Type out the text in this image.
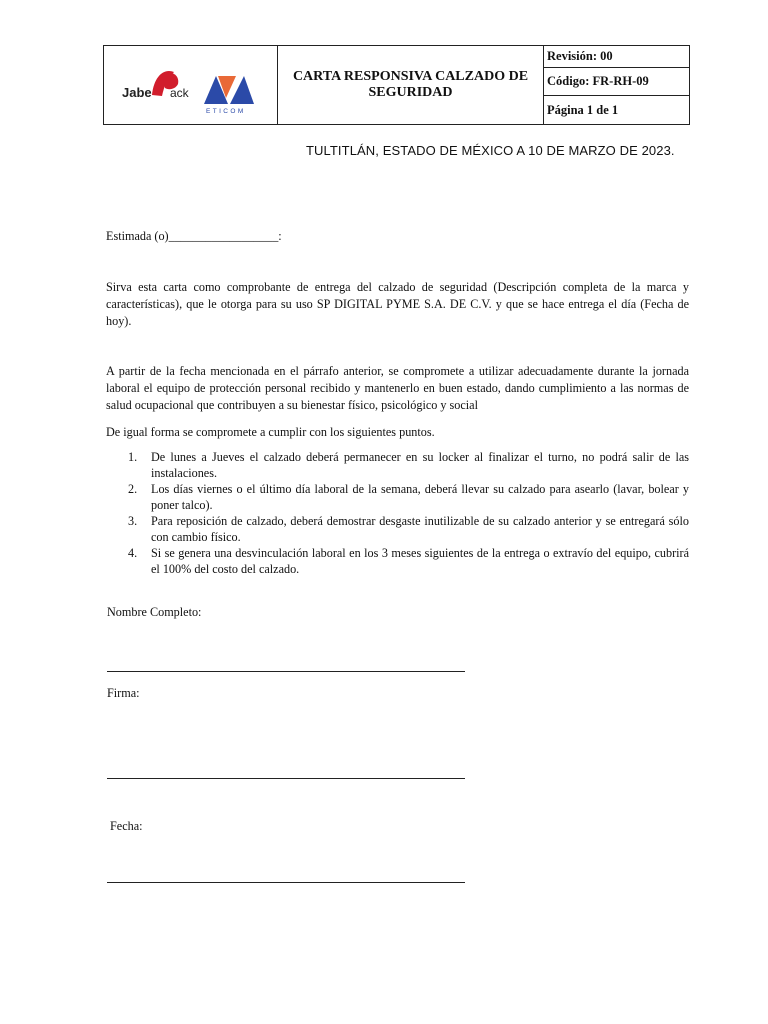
Jabe ack
ETICOM
CARTA RESPONSIVA CALZADO DE SEGURIDAD
Revisión: 00
Código: FR-RH-09
Página 1 de 1
TULTITLÁN, ESTADO DE MÉXICO A 10 DE MARZO DE 2023.
Estimada (o)__________________:
Sirva esta carta como comprobante de entrega del calzado de seguridad (Descripción completa de la marca y características), que le otorga para su uso SP DIGITAL PYME S.A. DE C.V. y que se hace entrega el día (Fecha de hoy).
A partir de la fecha mencionada en el párrafo anterior, se compromete a utilizar adecuadamente durante la jornada laboral el equipo de protección personal recibido y mantenerlo en buen estado, dando cumplimiento a las normas de salud ocupacional que contribuyen a su bienestar físico, psicológico y social
De igual forma se compromete a cumplir con los siguientes puntos.
1. De lunes a Jueves el calzado deberá permanecer en su locker al finalizar el turno, no podrá salir de las instalaciones.
2. Los días viernes o el último día laboral de la semana, deberá llevar su calzado para asearlo (lavar, bolear y poner talco).
3. Para reposición de calzado, deberá demostrar desgaste inutilizable de su calzado anterior y se entregará sólo con cambio físico.
4. Si se genera una desvinculación laboral en los 3 meses siguientes de la entrega o extravío del equipo, cubrirá el 100% del costo del calzado.
Nombre Completo:
Firma:
Fecha:
